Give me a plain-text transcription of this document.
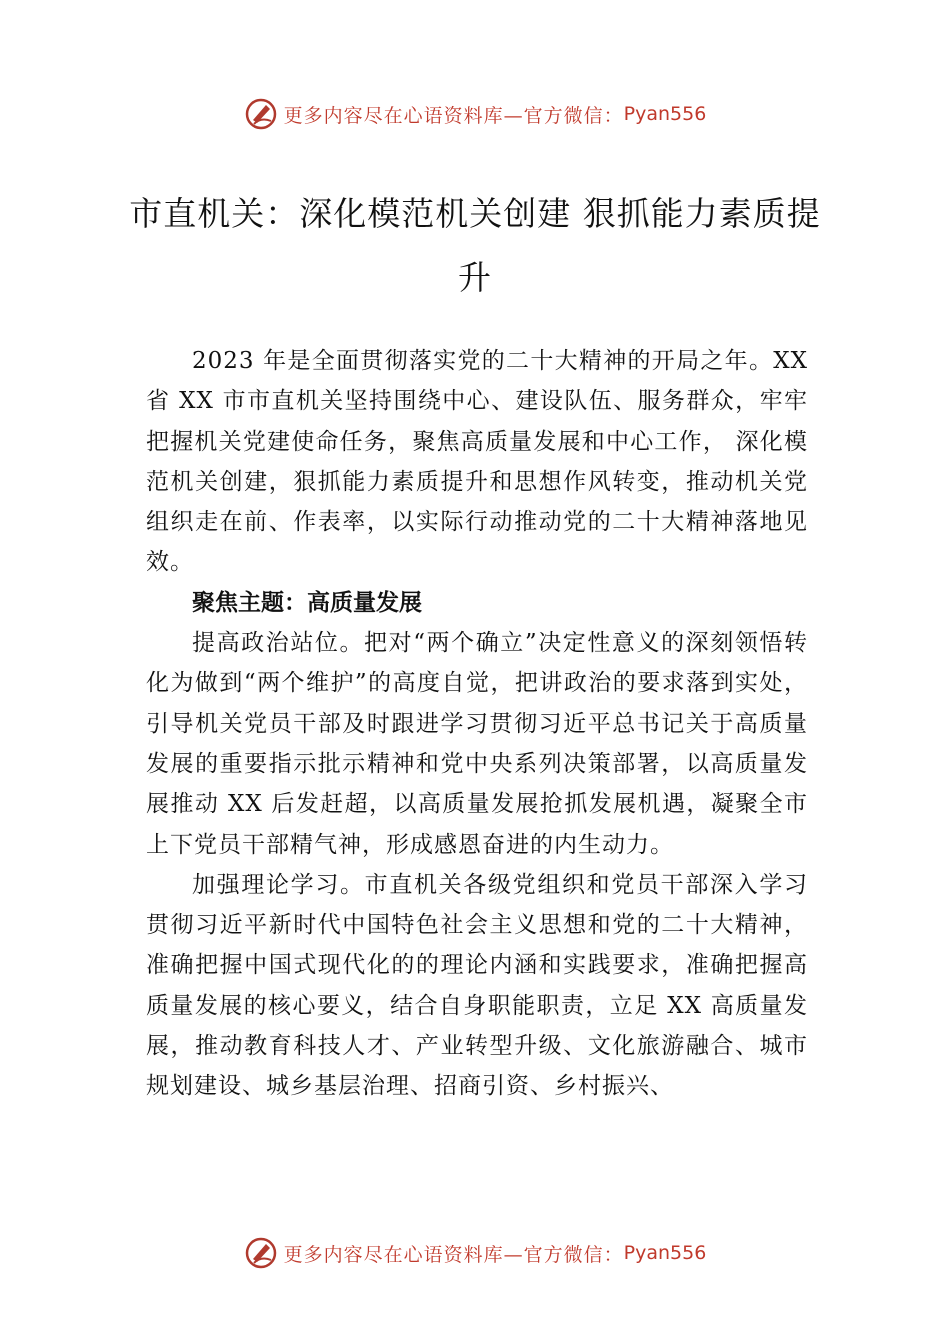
更多内容尽在心语资料库—官方微信： Pyan556
市直机关：深化模范机关创建 狠抓能力素质提升

2023 年是全面贯彻落实党的二十大精神的开局之年。XX 省 XX 市市直机关坚持围绕中心、建设队伍、服务群众，牢牢把握机关党建使命任务，聚焦高质量发展和中心工作， 深化模范机关创建，狠抓能力素质提升和思想作风转变，推动机关党组织走在前、作表率，以实际行动推动党的二十大精神落地见效。

聚焦主题：高质量发展

提高政治站位。把对“两个确立”决定性意义的深刻领悟转化为做到“两个维护”的高度自觉，把讲政治的要求落到实处，引导机关党员干部及时跟进学习贯彻习近平总书记关于高质量发展的重要指示批示精神和党中央系列决策部署，以高质量发展推动 XX 后发赶超，以高质量发展抢抓发展机遇，凝聚全市上下党员干部精气神，形成感恩奋进的内生动力。

加强理论学习。市直机关各级党组织和党员干部深入学习贯彻习近平新时代中国特色社会主义思想和党的二十大精神，准确把握中国式现代化的的理论内涵和实践要求，准确把握高质量发展的核心要义，结合自身职能职责，立足 XX 高质量发展，推动教育科技人才、产业转型升级、文化旅游融合、城市规划建设、城乡基层治理、招商引资、乡村振兴、

更多内容尽在心语资料库—官方微信： Pyan556
